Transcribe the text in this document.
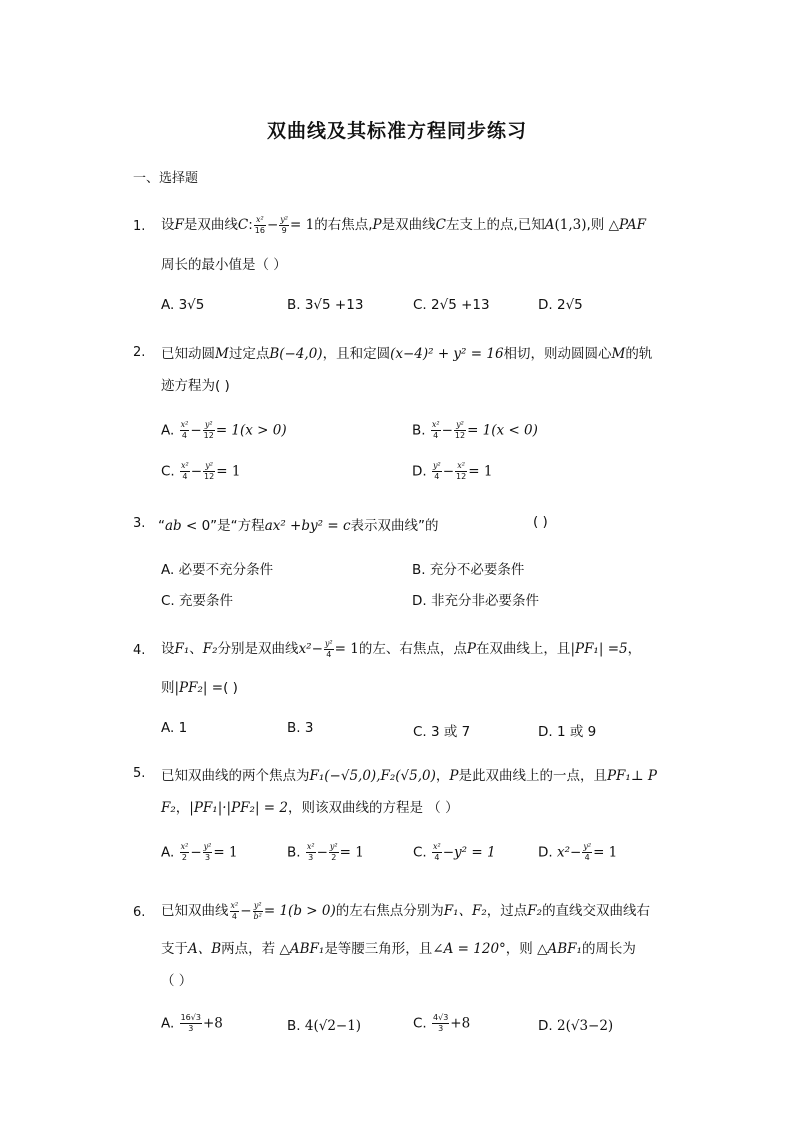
双曲线及其标准方程同步练习
一、选择题
1. 设F是双曲线C: $\frac{\text{x²}}{16} - \frac{\text{y²}}{9} = 1$的右焦点,P是双曲线C左支上的点,已知A(1,3),则 △PAF
周长的最小值是（ ）
A. 3√5	B. 3√5 +13	C. 2√5 +13	D. 2√5
2. 已知动圆M过定点B(−4,0)，且和定圆(x−4)² + y² = 16相切，则动圆圆心M的轨
迹方程为( )
A. $\frac{\text{x²}}{4} - \frac{\text{y²}}{12} = 1(x > 0)$	B. $\frac{\text{x²}}{4} - \frac{\text{y²}}{12} = 1(x < 0)$
C. $\frac{\text{x²}}{4} - \frac{\text{y²}}{12} = 1$	D. $\frac{\text{y²}}{4} - \frac{\text{x²}}{12} = 1$
3. “ab < 0”是“方程ax² +by² = c表示双曲线”的	( )
A. 必要不充分条件	B. 充分不必要条件
C. 充要条件	D. 非充分非必要条件
4. 设F₁、F₂分别是双曲线$x^2- \frac{\text{y²}}{4} = 1$的左、右焦点，点P在双曲线上，且|PF₁| =5，
则|PF₂| =( )
A. 1	B. 3	C. 3 或 7	D. 1 或 9
5. 已知双曲线的两个焦点为F₁(−√5,0),F₂(√5,0)，P是此双曲线上的一点，且PF₁⊥ P
F₂，|PF₁|·|PF₂| = 2，则该双曲线的方程是 （ ）
A. $\frac{\text{x²}}{2} - \frac{\text{y²}}{3} = 1$	B. $\frac{\text{x²}}{3} - \frac{\text{y²}}{2} = 1$	C. $\frac{\text{x²}}{4} -y^2 = 1$	D. $x^2- \frac{\text{y²}}{4} = 1$
6. 已知双曲线 $\frac{\text{x²}}{4} - \frac{\text{y²}}{\text{b²}} = 1(b > 0)$的左右焦点分别为F₁、F₂，过点F₂的直线交双曲线右
支于A、B两点，若 △ABF₁是等腰三角形，且∠A = 120°，则 △ABF₁的周长为
（ ）
A. $\frac{16√3}{3} +8$	B. 4(√2−1)	C. $\frac{4√3}{3} +8$	D. 2(√3−2)
